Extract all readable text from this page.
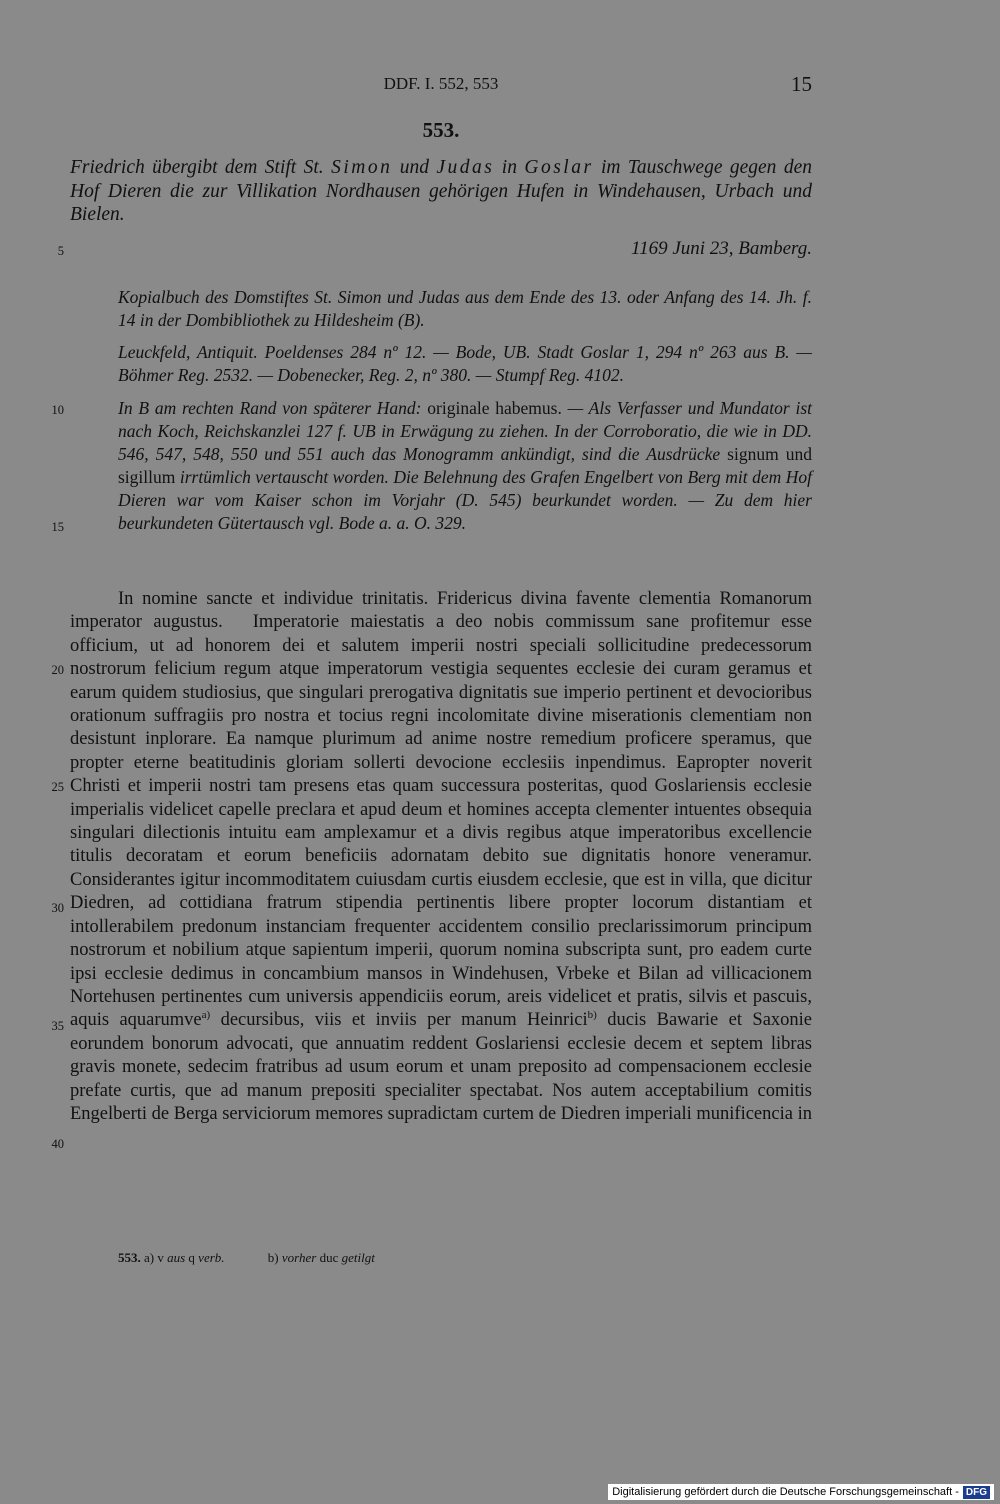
DDF. I. 552, 553	15
553.
Friedrich übergibt dem Stift St. Simon und Judas in Goslar im Tauschwege gegen den Hof Dieren die zur Villikation Nordhausen gehörigen Hufen in Windehausen, Urbach und Bielen.
1169 Juni 23, Bamberg.
5
10
15
20
25
30
35
40
Kopialbuch des Domstiftes St. Simon und Judas aus dem Ende des 13. oder Anfang des 14. Jh. f. 14 in der Dombibliothek zu Hildesheim (B).
Leuckfeld, Antiquit. Poeldenses 284 nº 12. — Bode, UB. Stadt Goslar 1, 294 nº 263 aus B. — Böhmer Reg. 2532. — Dobenecker, Reg. 2, nº 380. — Stumpf Reg. 4102.
In B am rechten Rand von späterer Hand: originale habemus. — Als Verfasser und Mundator ist nach Koch, Reichskanzlei 127 f. UB in Erwägung zu ziehen. In der Corroboratio, die wie in DD. 546, 547, 548, 550 und 551 auch das Monogramm ankündigt, sind die Ausdrücke signum und sigillum irrtümlich vertauscht worden. Die Belehnung des Grafen Engelbert von Berg mit dem Hof Dieren war vom Kaiser schon im Vorjahr (D. 545) beurkundet worden. — Zu dem hier beurkundeten Gütertausch vgl. Bode a. a. O. 329.

In nomine sancte et individue trinitatis. Fridericus divina favente clementia Romanorum imperator augustus. Imperatorie maiestatis a deo nobis commissum sane profitemur esse officium, ut ad honorem dei et salutem imperii nostri speciali sollicitudine predecessorum nostrorum felicium regum atque imperatorum vestigia sequentes ecclesie dei curam geramus et earum quidem studiosius, que singulari prerogativa dignitatis sue imperio pertinent et devocioribus orationum suffragiis pro nostra et tocius regni incolomitate divine miserationis clementiam non desistunt inplorare. Ea namque plurimum ad anime nostre remedium proficere speramus, que propter eterne beatitudinis gloriam sollerti devocione ecclesiis inpendimus. Eapropter noverit Christi et imperii nostri tam presens etas quam successura posteritas, quod Goslariensis ecclesie imperialis videlicet capelle preclara et apud deum et homines accepta clementer intuentes obsequia singulari dilectionis intuitu eam amplexamur et a divis regibus atque imperatoribus excellencie titulis decoratam et eorum beneficiis adornatam debito sue dignitatis honore veneramur. Considerantes igitur incommoditatem cuiusdam curtis eiusdem ecclesie, que est in villa, que dicitur Diedren, ad cottidiana fratrum stipendia pertinentis libere propter locorum distantiam et intollerabilem predonum instanciam frequenter accidentem consilio preclarissimorum principum nostrorum et nobilium atque sapientum imperii, quorum nomina subscripta sunt, pro eadem curte ipsi ecclesie dedimus in concambium mansos in Windehusen, Vrbeke et Bilan ad villicacionem Nortehusen pertinentes cum universis appendiciis eorum, areis videlicet et pratis, silvis et pascuis, aquis aquarumve$^{a)}$ decursibus, viis et inviis per manum Heinrici$^{b)}$ ducis Bawarie et Saxonie eorundem bonorum advocati, que annuatim reddent Goslariensi ecclesie decem et septem libras gravis monete, sedecim fratribus ad usum eorum et unam preposito ad compensacionem ecclesie prefate curtis, que ad manum prepositi specialiter spectabat. Nos autem acceptabilium comitis Engelberti de Berga serviciorum memores supradictam curtem de Diedren imperiali munificencia in

553. a) v aus q verb.	b) vorher duc getilgt
Digitalisierung gefördert durch die Deutsche Forschungsgemeinschaft - DFG
